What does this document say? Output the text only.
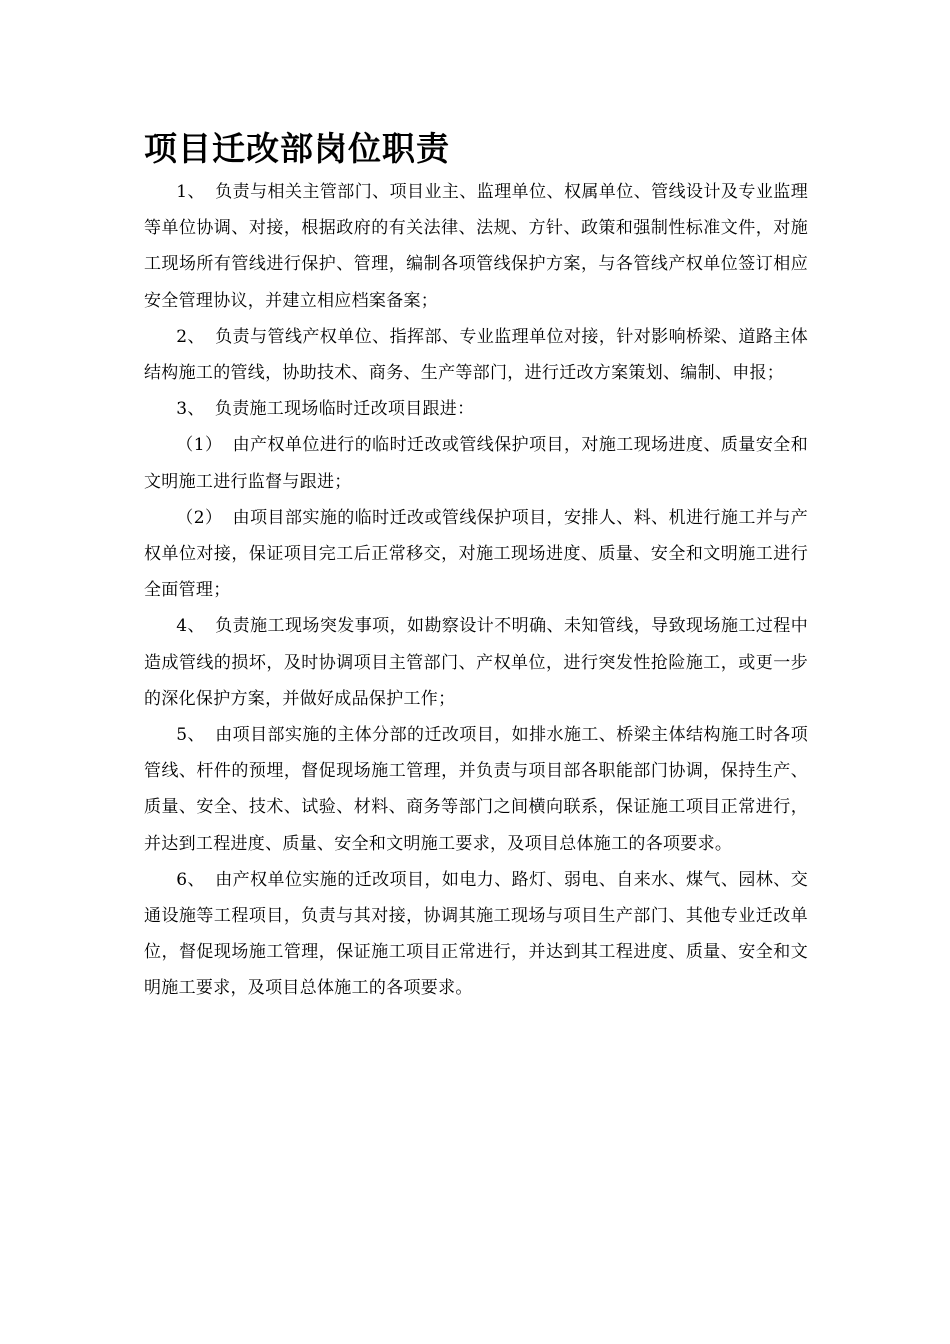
项目迁改部岗位职责

1、 负责与相关主管部门、项目业主、监理单位、权属单位、管线设计及专业监理等单位协调、对接，根据政府的有关法律、法规、方针、政策和强制性标准文件，对施工现场所有管线进行保护、管理，编制各项管线保护方案，与各管线产权单位签订相应安全管理协议，并建立相应档案备案；

2、 负责与管线产权单位、指挥部、专业监理单位对接，针对影响桥梁、道路主体结构施工的管线，协助技术、商务、生产等部门，进行迁改方案策划、编制、申报；

3、 负责施工现场临时迁改项目跟进：

（1） 由产权单位进行的临时迁改或管线保护项目，对施工现场进度、质量安全和文明施工进行监督与跟进；

（2） 由项目部实施的临时迁改或管线保护项目，安排人、料、机进行施工并与产权单位对接，保证项目完工后正常移交，对施工现场进度、质量、安全和文明施工进行全面管理；

4、 负责施工现场突发事项，如勘察设计不明确、未知管线，导致现场施工过程中造成管线的损坏，及时协调项目主管部门、产权单位，进行突发性抢险施工，或更一步的深化保护方案，并做好成品保护工作；

5、 由项目部实施的主体分部的迁改项目，如排水施工、桥梁主体结构施工时各项管线、杆件的预埋，督促现场施工管理，并负责与项目部各职能部门协调，保持生产、质量、安全、技术、试验、材料、商务等部门之间横向联系，保证施工项目正常进行，并达到工程进度、质量、安全和文明施工要求，及项目总体施工的各项要求。

6、 由产权单位实施的迁改项目，如电力、路灯、弱电、自来水、煤气、园林、交通设施等工程项目，负责与其对接，协调其施工现场与项目生产部门、其他专业迁改单位，督促现场施工管理，保证施工项目正常进行，并达到其工程进度、质量、安全和文明施工要求，及项目总体施工的各项要求。
